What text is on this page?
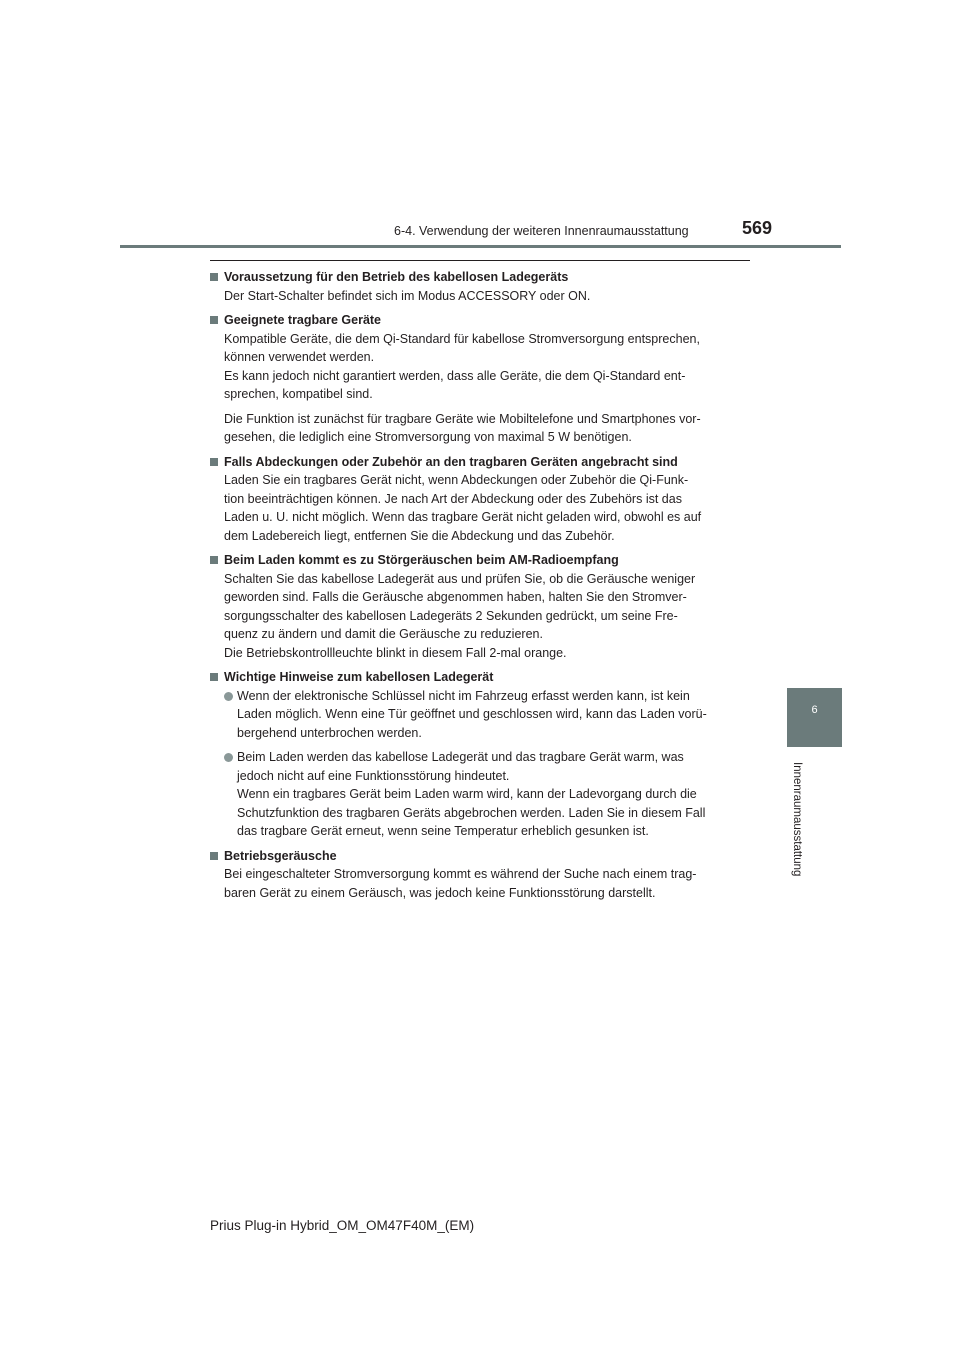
6-4. Verwendung der weiteren Innenraumausstattung	569
Voraussetzung für den Betrieb des kabellosen Ladegeräts
Der Start-Schalter befindet sich im Modus ACCESSORY oder ON.
Geeignete tragbare Geräte
Kompatible Geräte, die dem Qi-Standard für kabellose Stromversorgung entsprechen,
können verwendet werden.
Es kann jedoch nicht garantiert werden, dass alle Geräte, die dem Qi-Standard ent-
sprechen, kompatibel sind.
Die Funktion ist zunächst für tragbare Geräte wie Mobiltelefone und Smartphones vor-
gesehen, die lediglich eine Stromversorgung von maximal 5 W benötigen.
Falls Abdeckungen oder Zubehör an den tragbaren Geräten angebracht sind
Laden Sie ein tragbares Gerät nicht, wenn Abdeckungen oder Zubehör die Qi-Funk-
tion beeinträchtigen können. Je nach Art der Abdeckung oder des Zubehörs ist das
Laden u. U. nicht möglich. Wenn das tragbare Gerät nicht geladen wird, obwohl es auf
dem Ladebereich liegt, entfernen Sie die Abdeckung und das Zubehör.
Beim Laden kommt es zu Störgeräuschen beim AM-Radioempfang
Schalten Sie das kabellose Ladegerät aus und prüfen Sie, ob die Geräusche weniger
geworden sind. Falls die Geräusche abgenommen haben, halten Sie den Stromver-
sorgungsschalter des kabellosen Ladegeräts 2 Sekunden gedrückt, um seine Fre-
quenz zu ändern und damit die Geräusche zu reduzieren.
Die Betriebskontrollleuchte blinkt in diesem Fall 2-mal orange.
Wichtige Hinweise zum kabellosen Ladegerät
Wenn der elektronische Schlüssel nicht im Fahrzeug erfasst werden kann, ist kein
Laden möglich. Wenn eine Tür geöffnet und geschlossen wird, kann das Laden vorü-
bergehend unterbrochen werden.
Beim Laden werden das kabellose Ladegerät und das tragbare Gerät warm, was
jedoch nicht auf eine Funktionsstörung hindeutet.
Wenn ein tragbares Gerät beim Laden warm wird, kann der Ladevorgang durch die
Schutzfunktion des tragbaren Geräts abgebrochen werden. Laden Sie in diesem Fall
das tragbare Gerät erneut, wenn seine Temperatur erheblich gesunken ist.
Betriebsgeräusche
Bei eingeschalteter Stromversorgung kommt es während der Suche nach einem trag-
baren Gerät zu einem Geräusch, was jedoch keine Funktionsstörung darstellt.
6
Innenraumausstattung
Prius Plug-in Hybrid_OM_OM47F40M_(EM)
